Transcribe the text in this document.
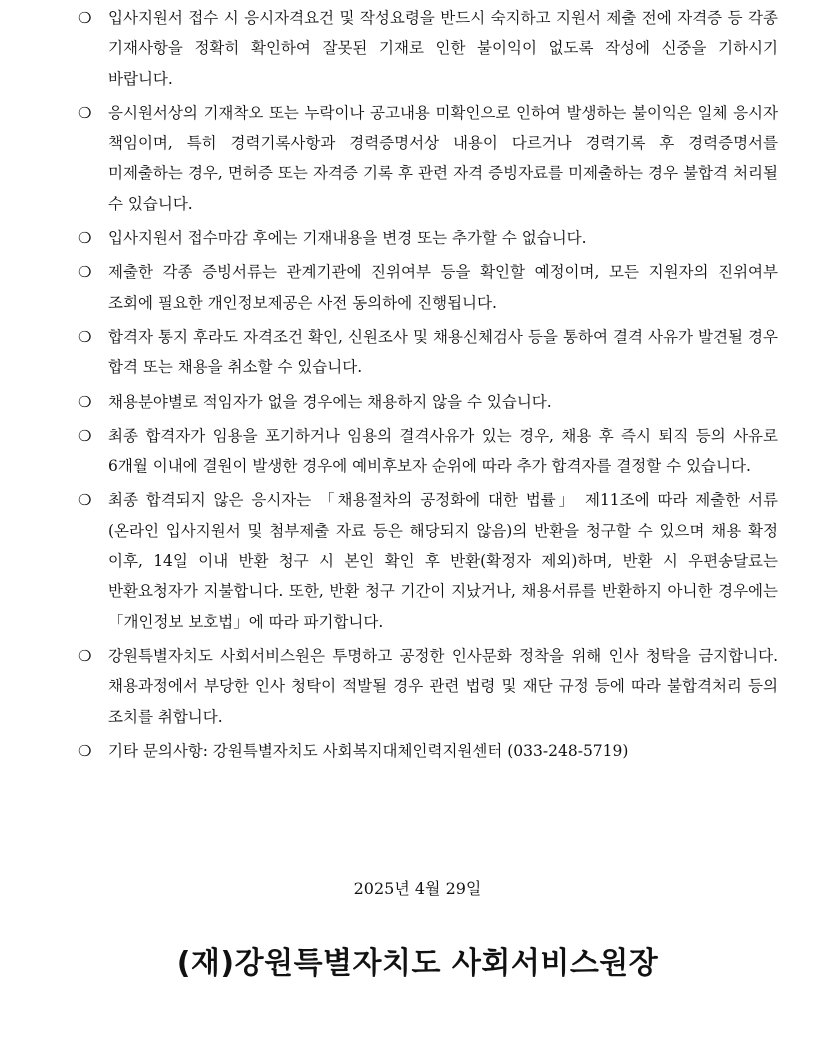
❍ 입사지원서 접수 시 응시자격요건 및 작성요령을 반드시 숙지하고 지원서 제출 전에 자격증 등 각종 기재사항을 정확히 확인하여 잘못된 기재로 인한 불이익이 없도록 작성에 신중을 기하시기 바랍니다.
❍ 응시원서상의 기재착오 또는 누락이나 공고내용 미확인으로 인하여 발생하는 불이익은 일체 응시자 책임이며, 특히 경력기록사항과 경력증명서상 내용이 다르거나 경력기록 후 경력증명서를 미제출하는 경우, 면허증 또는 자격증 기록 후 관련 자격 증빙자료를 미제출하는 경우 불합격 처리될 수 있습니다.
❍ 입사지원서 접수마감 후에는 기재내용을 변경 또는 추가할 수 없습니다.
❍ 제출한 각종 증빙서류는 관계기관에 진위여부 등을 확인할 예정이며, 모든 지원자의 진위여부 조회에 필요한 개인정보제공은 사전 동의하에 진행됩니다.
❍ 합격자 통지 후라도 자격조건 확인, 신원조사 및 채용신체검사 등을 통하여 결격 사유가 발견될 경우 합격 또는 채용을 취소할 수 있습니다.
❍ 채용분야별로 적임자가 없을 경우에는 채용하지 않을 수 있습니다.
❍ 최종 합격자가 임용을 포기하거나 임용의 결격사유가 있는 경우, 채용 후 즉시 퇴직 등의 사유로 6개월 이내에 결원이 발생한 경우에 예비후보자 순위에 따라 추가 합격자를 결정할 수 있습니다.
❍ 최종 합격되지 않은 응시자는 「채용절차의 공정화에 대한 법률」 제11조에 따라 제출한 서류(온라인 입사지원서 및 첨부제출 자료 등은 해당되지 않음)의 반환을 청구할 수 있으며 채용 확정 이후, 14일 이내 반환 청구 시 본인 확인 후 반환(확정자 제외)하며, 반환 시 우편송달료는 반환요청자가 지불합니다. 또한, 반환 청구 기간이 지났거나, 채용서류를 반환하지 아니한 경우에는 「개인정보 보호법」에 따라 파기합니다.
❍ 강원특별자치도 사회서비스원은 투명하고 공정한 인사문화 정착을 위해 인사 청탁을 금지합니다. 채용과정에서 부당한 인사 청탁이 적발될 경우 관련 법령 및 재단 규정 등에 따라 불합격처리 등의 조치를 취합니다.
❍ 기타 문의사항: 강원특별자치도 사회복지대체인력지원센터 (033-248-5719)
2025년 4월 29일
(재)강원특별자치도 사회서비스원장
